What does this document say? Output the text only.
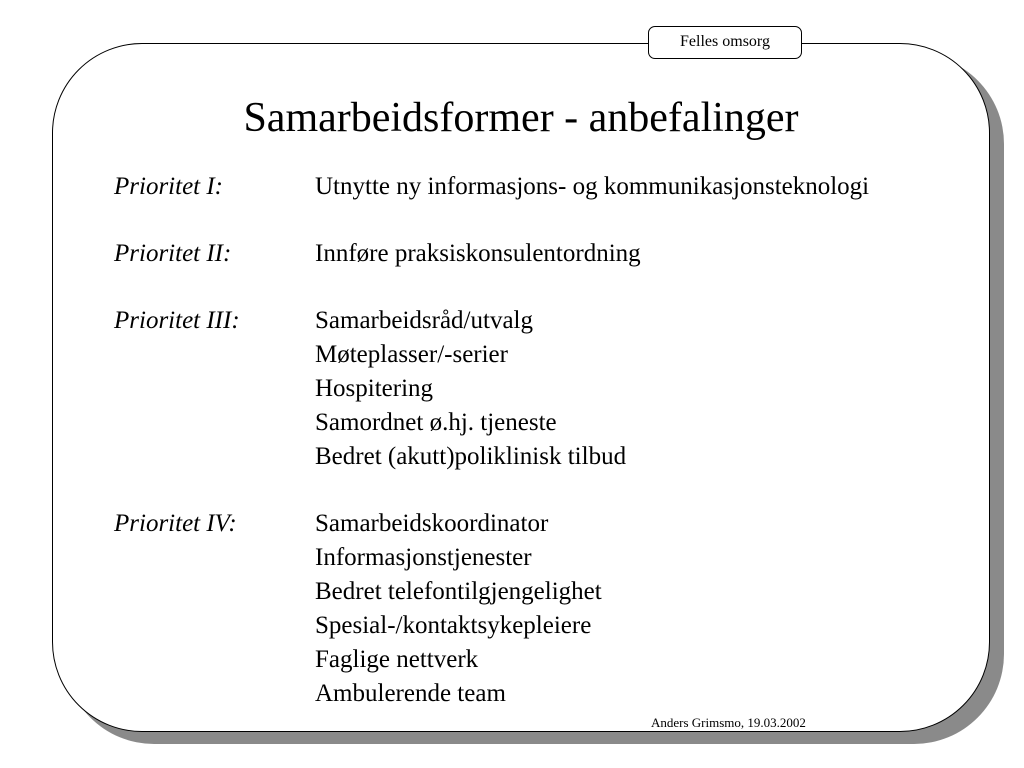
Felles omsorg
Samarbeidsformer - anbefalinger
Prioritet I:	Utnytte ny informasjons- og kommunikasjonsteknologi
Prioritet II:	Innføre praksiskonsulentordning
Prioritet III:	Samarbeidsråd/utvalg
Møteplasser/-serier
Hospitering
Samordnet ø.hj. tjeneste
Bedret (akutt)poliklinisk tilbud
Prioritet IV:	Samarbeidskoordinator
Informasjonstjenester
Bedret telefontilgjengelighet
Spesial-/kontaktsykepleiere
Faglige nettverk
Ambulerende team
Anders Grimsmo, 19.03.2002
